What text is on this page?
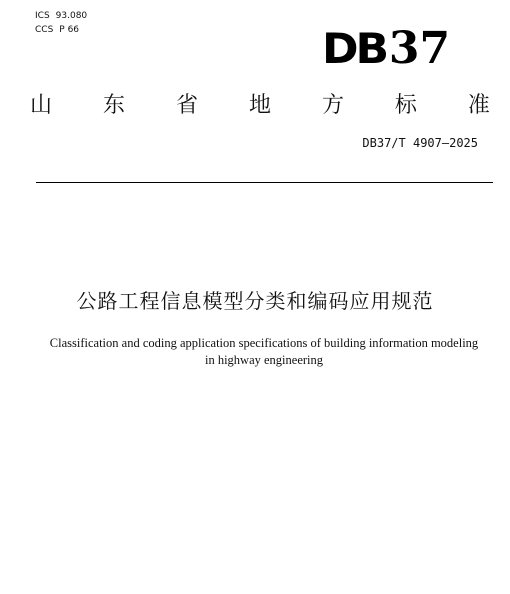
ICS 93.080
CCS P 66	DB 37
山 东 省 地 方 标 准
DB37/T 4907—2025
公路工程信息模型分类和编码应用规范
Classification and coding application specifications of building information modeling
in highway engineering
